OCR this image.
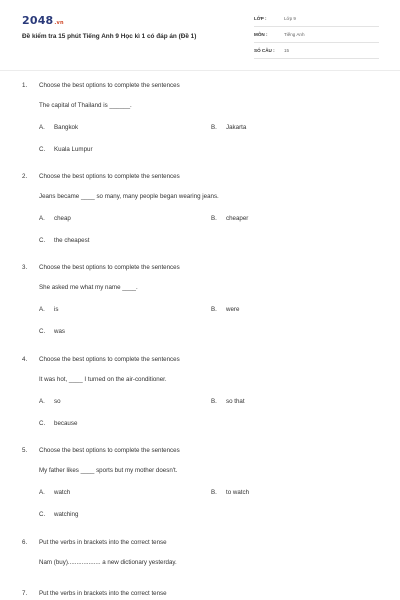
2048.vn
Đề kiểm tra 15 phút Tiếng Anh 9 Học kì 1 có đáp án (Đề 1)
LỚP :	Lớp 9
MÔN :	Tiếng Anh
SỐ CÂU : 15
1. Choose the best options to complete the sentences
The capital of Thailand is ______.
A. Bangkok	B. Jakarta
C. Kuala Lumpur
2. Choose the best options to complete the sentences
Jeans became ____ so many, many people began wearing jeans.
A. cheap	B. cheaper
C. the cheapest
3. Choose the best options to complete the sentences
She asked me what my name ____.
A. is	B. were
C. was
4. Choose the best options to complete the sentences
It was hot, ____ I turned on the air-conditioner.
A. so	B. so that
C. because
5. Choose the best options to complete the sentences
My father likes ____ sports but my mother doesn't.
A. watch	B. to watch
C. watching
6. Put the verbs in brackets into the correct tense
Nam (buy)................... a new dictionary yesterday.
7. Put the verbs in brackets into the correct tense
